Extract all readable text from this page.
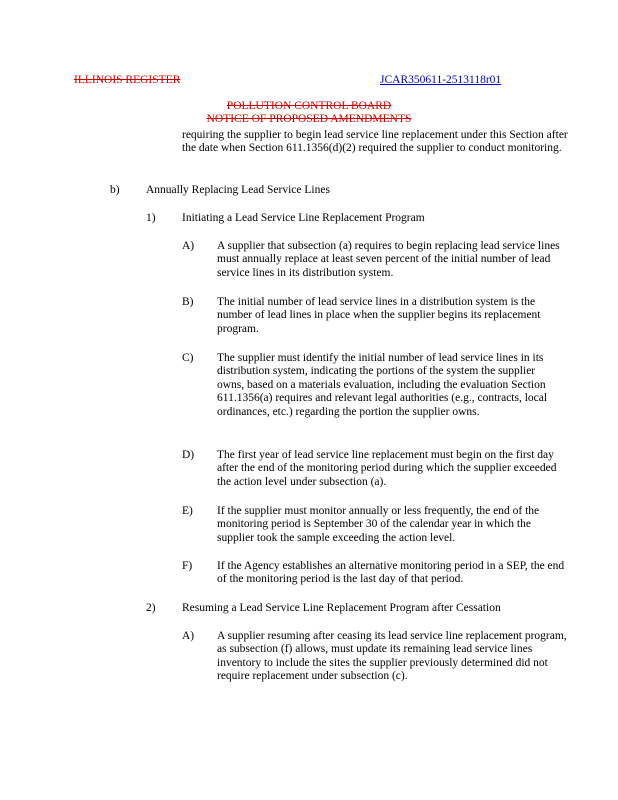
ILLINOIS REGISTER	JCAR350611-2513118r01
POLLUTION CONTROL BOARD
NOTICE OF PROPOSED AMENDMENTS
requiring the supplier to begin lead service line replacement under this Section after the date when Section 611.1356(d)(2) required the supplier to conduct monitoring.
b) Annually Replacing Lead Service Lines
1) Initiating a Lead Service Line Replacement Program
A) A supplier that subsection (a) requires to begin replacing lead service lines must annually replace at least seven percent of the initial number of lead service lines in its distribution system.
B) The initial number of lead service lines in a distribution system is the number of lead lines in place when the supplier begins its replacement program.
C) The supplier must identify the initial number of lead service lines in its distribution system, indicating the portions of the system the supplier owns, based on a materials evaluation, including the evaluation Section 611.1356(a) requires and relevant legal authorities (e.g., contracts, local ordinances, etc.) regarding the portion the supplier owns.
D) The first year of lead service line replacement must begin on the first day after the end of the monitoring period during which the supplier exceeded the action level under subsection (a).
E) If the supplier must monitor annually or less frequently, the end of the monitoring period is September 30 of the calendar year in which the supplier took the sample exceeding the action level.
F) If the Agency establishes an alternative monitoring period in a SEP, the end of the monitoring period is the last day of that period.
2) Resuming a Lead Service Line Replacement Program after Cessation
A) A supplier resuming after ceasing its lead service line replacement program, as subsection (f) allows, must update its remaining lead service lines inventory to include the sites the supplier previously determined did not require replacement under subsection (c).
